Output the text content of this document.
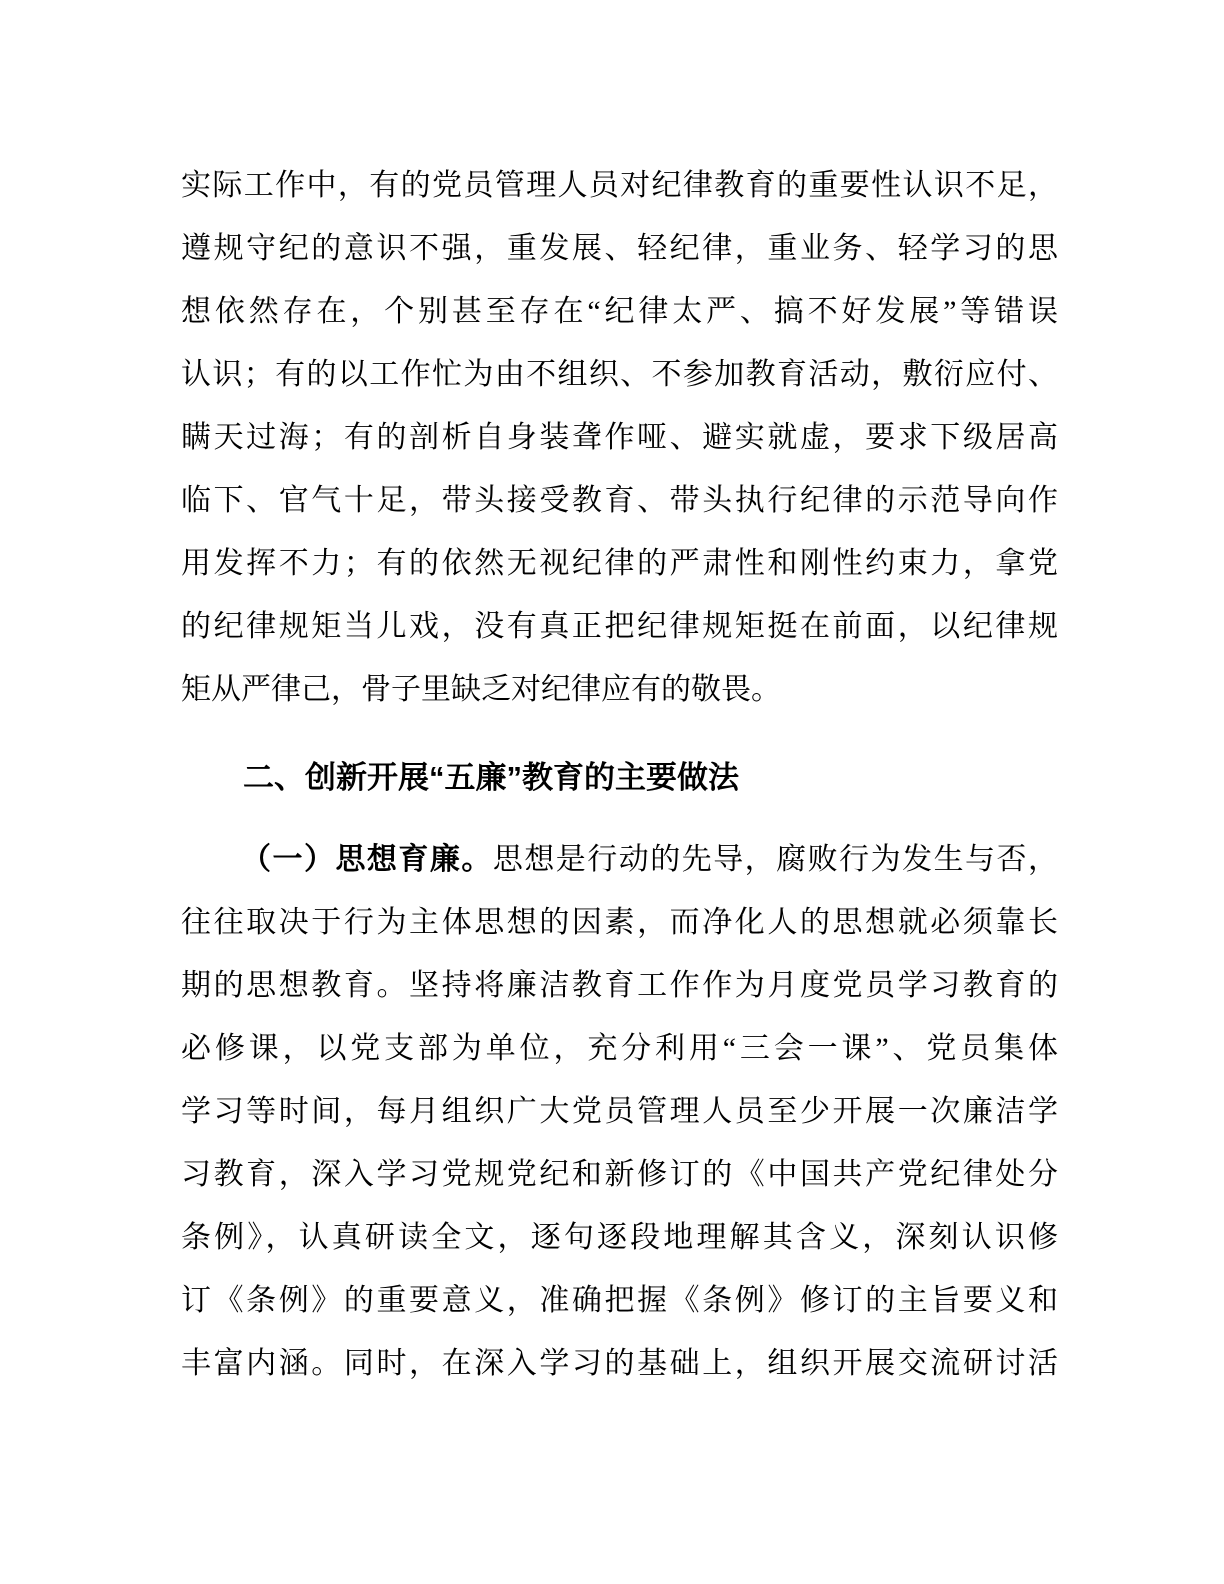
实际工作中，有的党员管理人员对纪律教育的重要性认识不足，
遵规守纪的意识不强，重发展、轻纪律，重业务、轻学习的思
想依然存在，个别甚至存在“纪律太严、搞不好发展”等错误
认识；有的以工作忙为由不组织、不参加教育活动，敷衍应付、
瞒天过海；有的剖析自身装聋作哑、避实就虚，要求下级居高
临下、官气十足，带头接受教育、带头执行纪律的示范导向作
用发挥不力；有的依然无视纪律的严肃性和刚性约束力，拿党
的纪律规矩当儿戏，没有真正把纪律规矩挺在前面，以纪律规
矩从严律己，骨子里缺乏对纪律应有的敬畏。
二、创新开展“五廉”教育的主要做法
（一）思想育廉。思想是行动的先导，腐败行为发生与否，
往往取决于行为主体思想的因素，而净化人的思想就必须靠长
期的思想教育。坚持将廉洁教育工作作为月度党员学习教育的
必修课，以党支部为单位，充分利用“三会一课”、党员集体
学习等时间，每月组织广大党员管理人员至少开展一次廉洁学
习教育，深入学习党规党纪和新修订的《中国共产党纪律处分
条例》，认真研读全文，逐句逐段地理解其含义，深刻认识修
订《条例》的重要意义，准确把握《条例》修订的主旨要义和
丰富内涵。同时，在深入学习的基础上，组织开展交流研讨活
